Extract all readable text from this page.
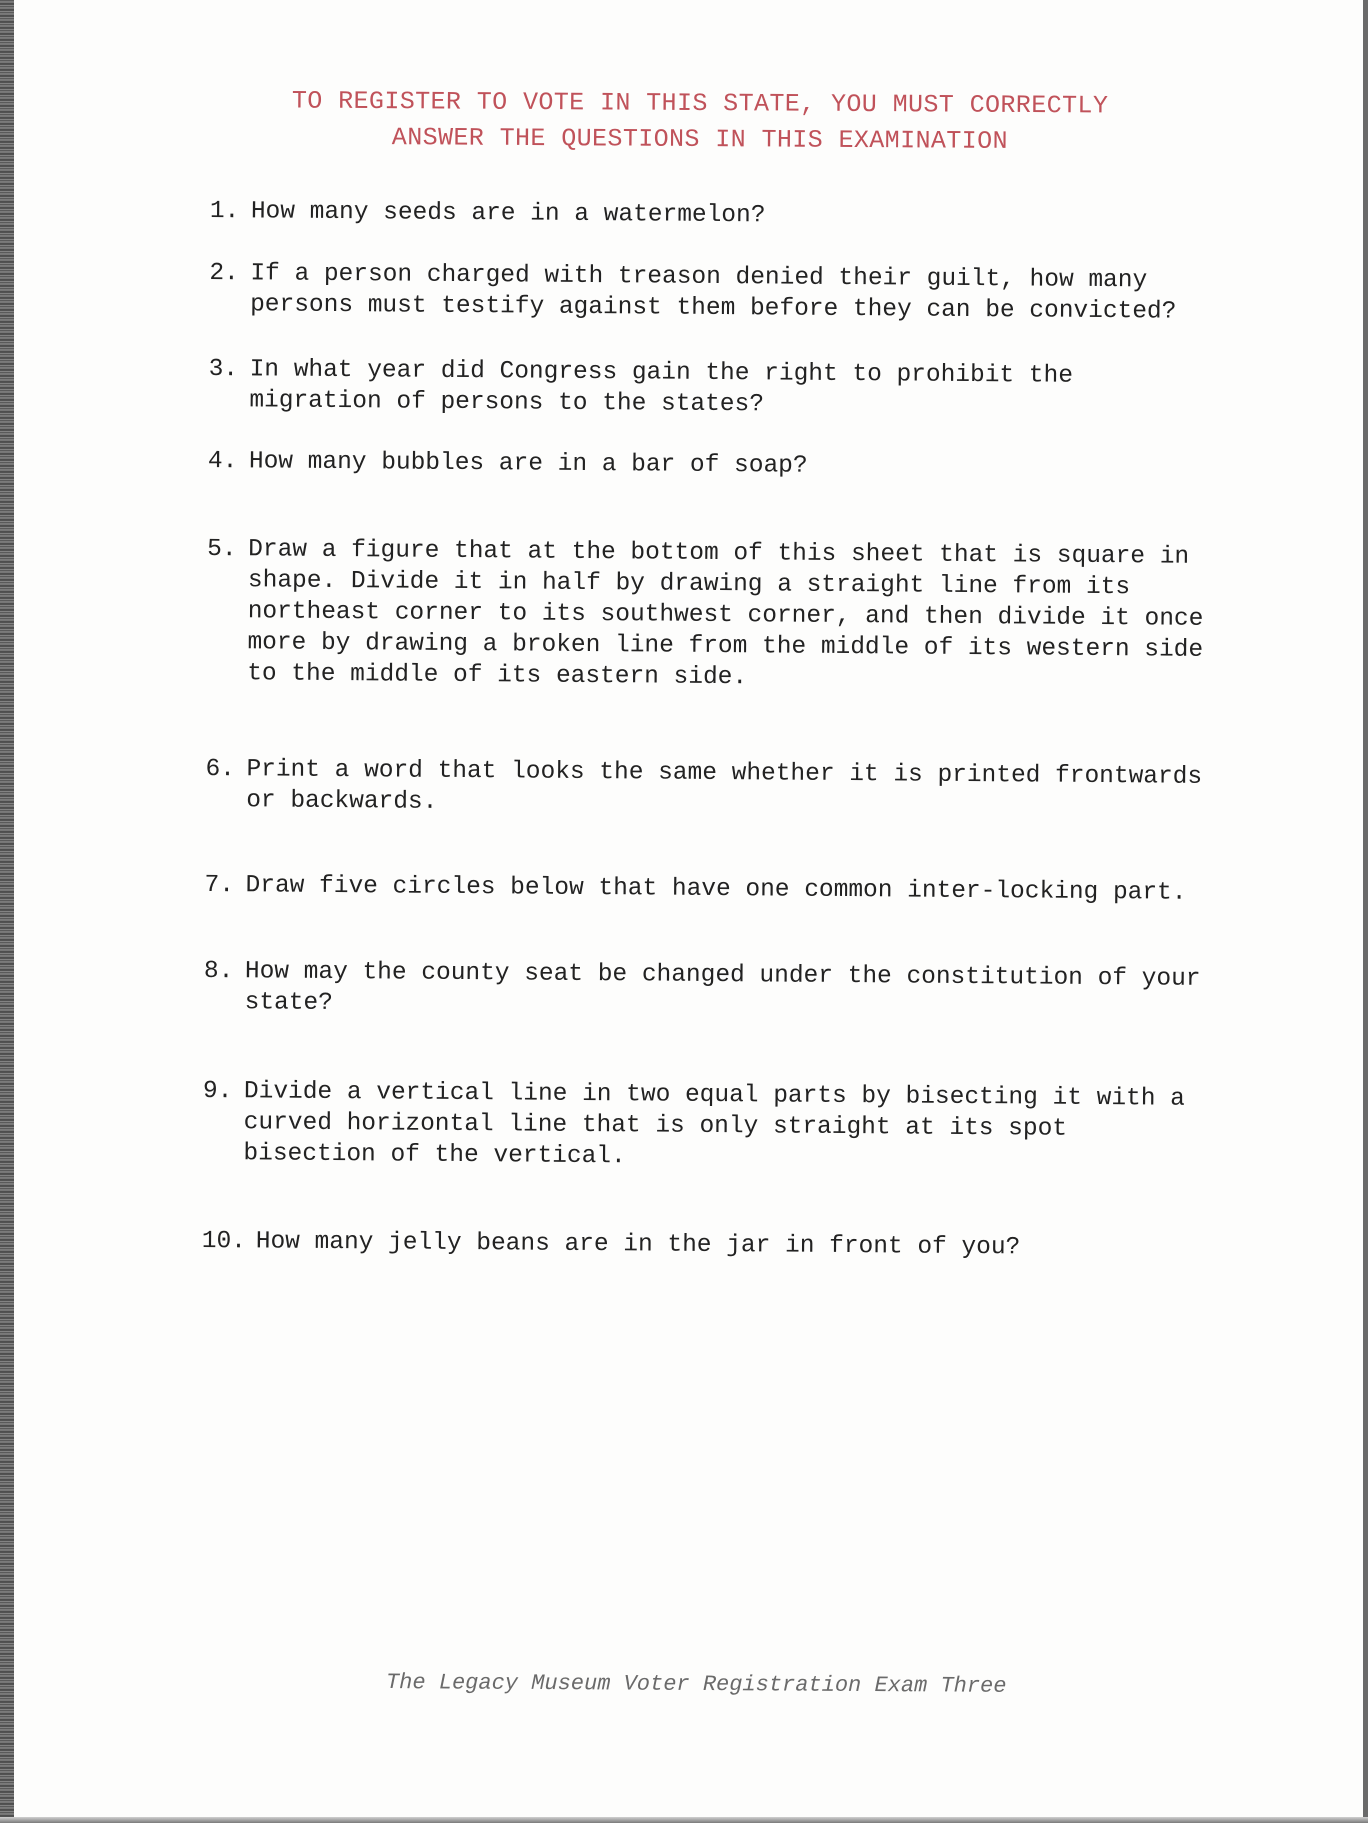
TO REGISTER TO VOTE IN THIS STATE, YOU MUST CORRECTLY
ANSWER THE QUESTIONS IN THIS EXAMINATION
1. How many seeds are in a watermelon?
2. If a person charged with treason denied their guilt, how many
persons must testify against them before they can be convicted?
3. In what year did Congress gain the right to prohibit the
migration of persons to the states?
4. How many bubbles are in a bar of soap?
5. Draw a figure that at the bottom of this sheet that is square in
shape. Divide it in half by drawing a straight line from its
northeast corner to its southwest corner, and then divide it once
more by drawing a broken line from the middle of its western side
to the middle of its eastern side.
6. Print a word that looks the same whether it is printed frontwards
or backwards.
7. Draw five circles below that have one common inter-locking part.
8. How may the county seat be changed under the constitution of your
state?
9. Divide a vertical line in two equal parts by bisecting it with a
curved horizontal line that is only straight at its spot
bisection of the vertical.
10. How many jelly beans are in the jar in front of you?
The Legacy Museum Voter Registration Exam Three
